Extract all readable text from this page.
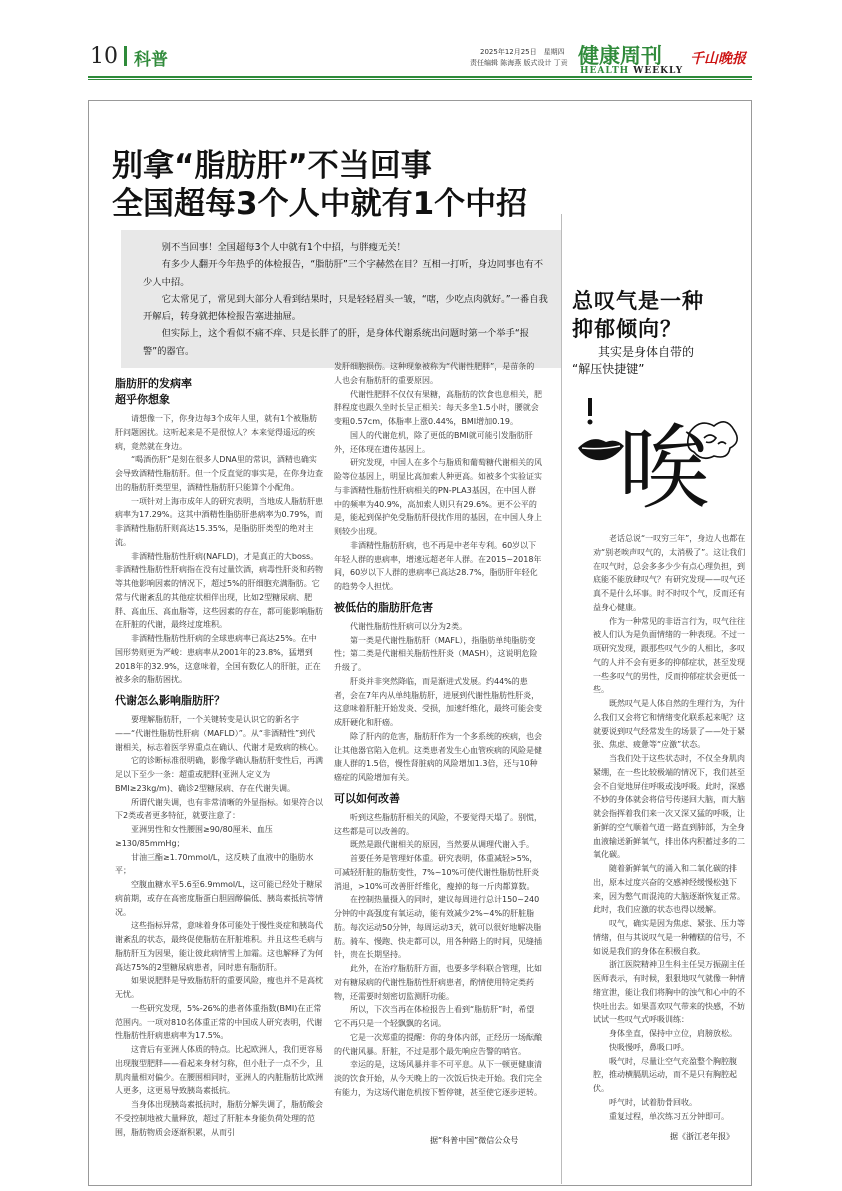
10 科普	2025年12月25日　星期四
责任编辑 陈海燕 版式设计 丁贡 健康周刊
HEALTH WEEKLY
千山晚报
别拿“脂肪肝”不当回事
全国超每3个人中就有1个中招

别不当回事！全国超每3个人中就有1个中招，与胖瘦无关！

有多少人翻开今年热乎的体检报告，“脂肪肝”三个字赫然在目？互相一打听，身边同事也有不少人中招。

它太常见了，常见到大部分人看到结果时，只是轻轻眉头一皱，“嗐，少吃点肉就好。”一番自我开解后，转身就把体检报告塞进抽屉。

但实际上，这个看似不痛不痒、只是长胖了的肝，是身体代谢系统出问题时第一个举手“报警”的器官。

脂肪肝的发病率
超乎你想象

请想像一下，你身边每3个成年人里，就有1个被脂肪肝问题困扰。这听起来是不是很惊人？本来觉得遥远的疾病，竟然就在身边。

“喝酒伤肝”是刻在很多人DNA里的常识，酒精也确实会导致酒精性脂肪肝。但一个反直觉的事实是，在你身边查出的脂肪肝类型里，酒精性脂肪肝只能算个小配角。

一项针对上海市成年人的研究表明，当地成人脂肪肝患病率为17.29%。这其中酒精性脂肪肝患病率为0.79%，而非酒精性脂肪肝则高达15.35%，是脂肪肝类型的绝对主流。

非酒精性脂肪性肝病(NAFLD)，才是真正的大boss。非酒精性脂肪性肝病指在没有过量饮酒，病毒性肝炎和药物等其他影响因素的情况下，超过5%的肝细胞充满脂肪。它常与代谢紊乱的其他症状相伴出现，比如2型糖尿病、肥胖、高血压、高血脂等，这些因素的存在，都可能影响脂肪在肝脏的代谢，最终过度堆积。

非酒精性脂肪性肝病的全球患病率已高达25%。在中国形势则更为严峻：患病率从2001年的23.8%，猛增到2018年的32.9%，这意味着，全国有数亿人的肝脏，正在被多余的脂肪困扰。

代谢怎么影响脂肪肝？

要理解脂肪肝，一个关键转变是认识它的新名字——“代谢性脂肪性肝病（MAFLD）”。从“非酒精性”到代谢相关，标志着医学界重点在确认、代谢才是致病的核心。

它的诊断标准很明确，影像学确认脂肪肝变性后，再满足以下至少一条：超重或肥胖(亚洲人定义为BMI≥23kg/m)、确诊2型糖尿病、存在代谢失调。

所谓代谢失调，也有非常清晰的外显指标。如果符合以下2类或者更多特征，就要注意了：

亚洲男性和女性腰围≥90/80厘米、血压≥130/85mmHg；

甘油三酯≥1.70mmol/L，这反映了血液中的脂肪水平；

空腹血糖水平5.6至6.9mmol/L，这可能已经处于糖尿病前期，或存在高密度脂蛋白胆固醇偏低、胰岛素抵抗等情况。

这些指标异常，意味着身体可能处于慢性炎症和胰岛代谢紊乱的状态，最终促使脂肪在肝脏堆积。并且这些毛病与脂肪肝互为因果，能让彼此病情雪上加霜。这也解释了为何高达75%的2型糖尿病患者，同时患有脂肪肝。

如果说肥胖是导致脂肪肝的重要风险，瘦也并不是高枕无忧。

一些研究发现，5%-26%的患者体重指数(BMI)在正常范围内。一项对810名体重正常的中国成人研究表明，代谢性脂肪性肝病患病率为17.5%。

这背后有亚洲人体质的特点。比起欧洲人，我们更容易出现腹型肥胖——看起来身材匀称，但小肚子一点不少，且肌肉量相对偏少。在腰围相同时，亚洲人的内脏脂肪比欧洲人更多，这更易导致胰岛素抵抗。

当身体出现胰岛素抵抗时，脂肪分解失调了，脂肪酸会不受控制地被大量释放，超过了肝脏本身能负荷处理的范围，脂肪物质会逐渐积累，从而引

发肝细胞损伤。这种现象被称为“代谢性肥胖”，是苗条的人也会有脂肪肝的重要原因。

代谢性肥胖不仅仅有果糖，高脂肪的饮食也息相关，肥胖程度也跟久坐时长呈正相关：每天多坐1.5小时，腰就会变粗0.57cm，体脂率上涨0.44%，BMI增加0.19。

国人的代谢危机，除了更低的BMI就可能引发脂肪肝外，还体现在遗传基因上。

研究发现，中国人在多个与脂质和葡萄糖代谢相关的风险等位基因上，明显比高加索人种更高。如被多个实验证实与非酒精性脂肪性肝病相关的PN-PLA3基因，在中国人群中的频率为40.9%，高加索人则只有29.6%。更不公平的是，能起到保护免受脂肪肝侵扰作用的基因，在中国人身上则较少出现。

非酒精性脂肪肝病，也不再是中老年专利。60岁以下年轻人群的患病率，增速远超老年人群。在2015~2018年间，60岁以下人群的患病率已高达28.7%，脂肪肝年轻化的趋势令人担忧。

被低估的脂肪肝危害

代谢性脂肪性肝病可以分为2类。

第一类是代谢性脂肪肝（MAFL），指脂肪单纯脂肪变性；第二类是代谢相关脂肪性肝炎（MASH），这说明危险升级了。

肝炎并非突然降临，而是渐进式发展。约44%的患者，会在7年内从单纯脂肪肝，进展到代谢性脂肪性肝炎，这意味着肝脏开始发炎、受损，加速纤维化，最终可能会变成肝硬化和肝癌。

除了肝内的危害，脂肪肝作为一个多系统的疾病，也会让其他器官陷入危机。这类患者发生心血管疾病的风险是健康人群的1.5倍，慢性肾脏病的风险增加1.3倍，还与10种癌症的风险增加有关。

可以如何改善

听到这些脂肪肝相关的风险，不要觉得天塌了。别慌，这些都是可以改善的。

既然是跟代谢相关的原因，当然要从调理代谢入手。

首要任务是管理好体重。研究表明，体重减轻>5%，可减轻肝脏的脂肪变性，7%~10%可使代谢性脂肪性肝炎消退，>10%可改善肝纤维化，瘦掉的每一斤肉都算数。

在控制热量摄入的同时，建议每周进行总计150~240分钟的中高强度有氧运动，能有效减少2%~4%的肝脏脂肪。每次运动50分钟，每周运动3天，就可以很好地解决脂肪。骑车、慢跑、快走都可以，用各种路上的时间，见缝插针，贵在长期坚持。

此外，在治疗脂肪肝方面，也要多学科联合管理，比如对有糖尿病的代谢性脂肪性肝病患者，酌情使用特定类药物，还需要时刻密切监测肝功能。

所以，下次当再在体检报告上看到“脂肪肝”时，希望它不再只是一个轻飘飘的名词。

它是一次郑重的提醒：你的身体内部，正经历一场酝酿的代谢风暴。肝脏，不过是那个最先响应告警的哨官。

幸运的是，这场风暴并非不可平息。从下一顿更健康清淡的饮食开始，从今天晚上的一次饭后快走开始。我们完全有能力，为这场代谢危机按下暂停键，甚至使它逐步逆转。

据“科普中国”微信公众号
总叹气是一种
抑郁倾向？
其实是身体自带的
“解压快捷键”
唉

老话总说“一叹穷三年”，身边人也都在劝“别老唉声叹气的，太消极了”。这让我们在叹气时，总会多多少少有点心理负担，到底能不能放肆叹气？有研究发现——叹气还真不是什么坏事。时不时叹个气，反而还有益身心健康。

作为一种常见的非语言行为，叹气往往被人们认为是负面情绪的一种表现。不过一项研究发现，跟那些叹气少的人相比，多叹气的人并不会有更多的抑郁症状，甚至发现一些多叹气的男性，反而抑郁症状会更低一些。

既然叹气是人体自然的生理行为，为什么我们又会将它和情绪变化联系起来呢？这就要说到叹气经常发生的场景了——处于紧张、焦虑、疲惫等“应激”状态。

当我们处于这些状态时，不仅全身肌肉紧绷，在一些比较极端的情况下，我们甚至会不自觉地屏住呼吸或浅呼吸。此时，深感不妙的身体就会将信号传递回大脑，而大脑就会指挥着我们来一次又深又猛的呼吸，让新鲜的空气顺着气道一路直到肺部，为全身血液输送新鲜氧气，排出体内积蓄过多的二氧化碳。

随着新鲜氧气的涌入和二氧化碳的排出，原本过度兴奋的交感神经缓慢松弛下来，因为憋气而混沌的大脑逐渐恢复正常。此时，我们应激的状态也得以缓解。

叹气，确实是因为焦虑、紧张、压力等情绪，但与其说叹气是一种糟糕的信号，不如说是我们的身体在积极自救。

浙江医院精神卫生科主任吴万振副主任医师表示，有时候，狠狠地叹气就像一种情绪宣泄，能让我们将胸中的浊气和心中的不快吐出去。如果喜欢叹气带来的快感，不妨试试一些叹气式呼吸训练：

身体坐直，保持中立位，肩膀放松。

快吸慢呼，鼻吸口呼。

吸气时，尽量让空气充盈整个胸腔腹腔，推动横膈肌运动，而不是只有胸腔起伏。

呼气时，试着肋骨回收。

重复过程，单次练习五分钟即可。

据《浙江老年报》
